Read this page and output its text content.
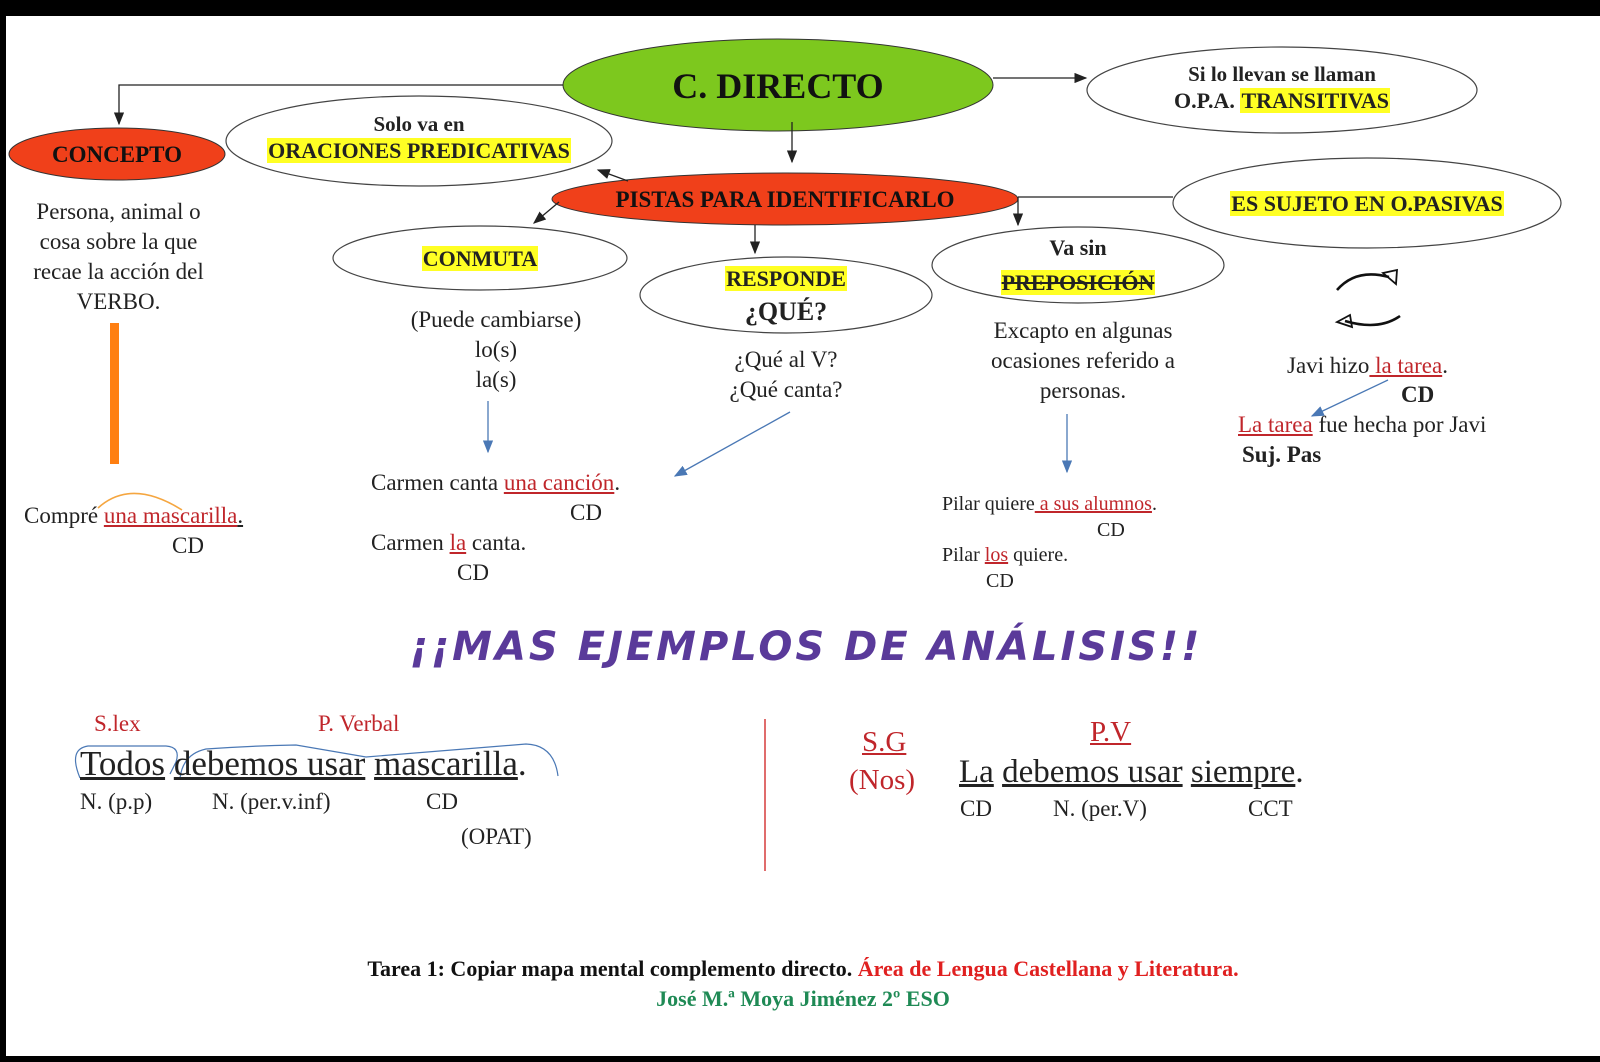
C. DIRECTO	Si lo llevan se llaman
O.P.A. TRANSITIVAS
Solo va en
ORACIONES PREDICATIVAS
CONCEPTO
Persona, animal o
cosa sobre la que
recae la acción del
VERBO.
Compré una mascarilla.
CD
PISTAS PARA IDENTIFICARLO	ES SUJETO EN O.PASIVAS
CONMUTA
(Puede cambiarse)
lo(s)
la(s)
RESPONDE
¿QUÉ?
¿Qué al V?
¿Qué canta?
Carmen canta una canción.
CD
Carmen la canta.
CD
Va sin
PREPOSICIÓN
Excapto en algunas
ocasiones referido a
personas.
Pilar quiere a sus alumnos.
CD
Pilar los quiere.
CD
Javi hizo la tarea.
CD
La tarea fue hecha por Javi
Suj. Pas
¡¡MAS EJEMPLOS DE ANÁLISIS!!
S.lex	P. Verbal
Todos debemos usar mascarilla.
N. (p.p)	N. (per.v.inf)	CD
(OPAT)
S.G
(Nos)
P.V
La debemos usar siempre.
CD	N. (per.V)	CCT
Tarea 1: Copiar mapa mental complemento directo. Área de Lengua Castellana y Literatura.
José M.ª Moya Jiménez 2º ESO
